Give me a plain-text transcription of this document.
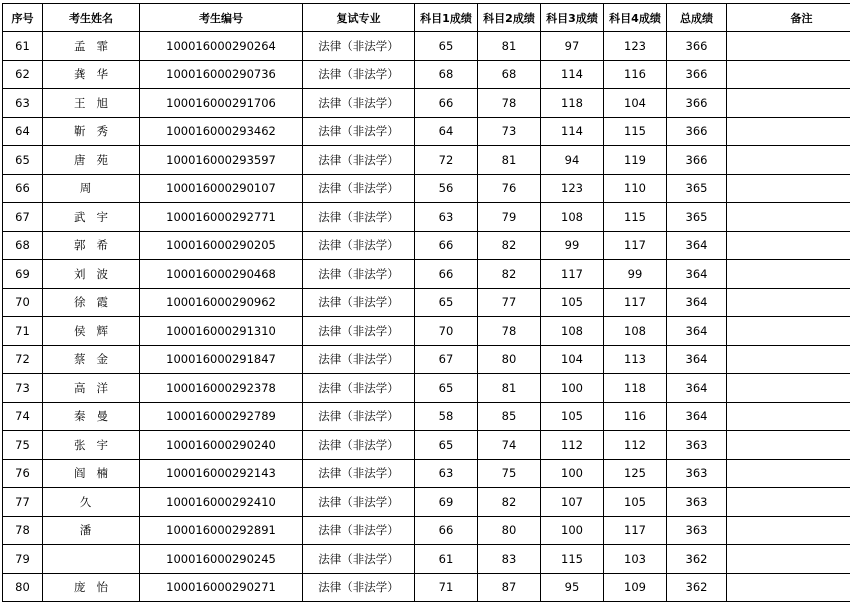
序号	考生姓名	考生编号	复试专业	科目1成绩	科目2成绩	科目3成绩	科目4成绩	总成绩	备注
61	孟 霏	100016000290264	法律（非法学）	65	81	97	123	366	
62	龚 华	100016000290736	法律（非法学）	68	68	114	116	366	
63	王 旭	100016000291706	法律（非法学）	66	78	118	104	366	
64	靳 秀	100016000293462	法律（非法学）	64	73	114	115	366	
65	唐 苑	100016000293597	法律（非法学）	72	81	94	119	366	
66	周	100016000290107	法律（非法学）	56	76	123	110	365	
67	武 宇	100016000292771	法律（非法学）	63	79	108	115	365	
68	郭 希	100016000290205	法律（非法学）	66	82	99	117	364	
69	刘 波	100016000290468	法律（非法学）	66	82	117	99	364	
70	徐 霞	100016000290962	法律（非法学）	65	77	105	117	364	
71	侯 辉	100016000291310	法律（非法学）	70	78	108	108	364	
72	蔡 金	100016000291847	法律（非法学）	67	80	104	113	364	
73	高 洋	100016000292378	法律（非法学）	65	81	100	118	364	
74	秦 曼	100016000292789	法律（非法学）	58	85	105	116	364	
75	张 宇	100016000290240	法律（非法学）	65	74	112	112	363	
76	阎 楠	100016000292143	法律（非法学）	63	75	100	125	363	
77	久	100016000292410	法律（非法学）	69	82	107	105	363	
78	潘	100016000292891	法律（非法学）	66	80	100	117	363	
79		100016000290245	法律（非法学）	61	83	115	103	362	
80	庞 怡	100016000290271	法律（非法学）	71	87	95	109	362	
